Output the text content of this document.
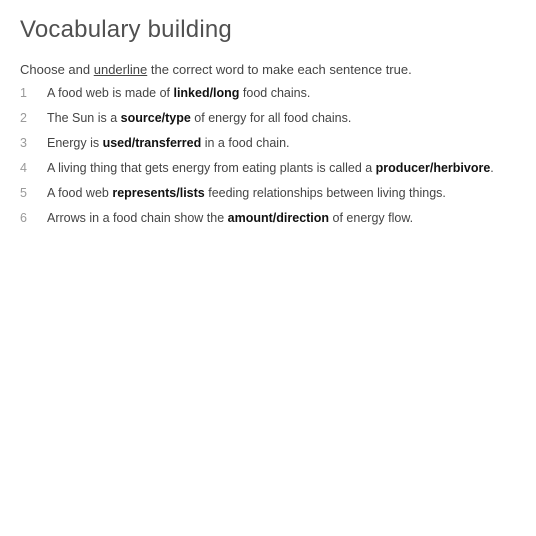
Vocabulary building
Choose and underline the correct word to make each sentence true.
1	A food web is made of linked/long food chains.
2	The Sun is a source/type of energy for all food chains.
3	Energy is used/transferred in a food chain.
4	A living thing that gets energy from eating plants is called a producer/herbivore.
5	A food web represents/lists feeding relationships between living things.
6	Arrows in a food chain show the amount/direction of energy flow.
